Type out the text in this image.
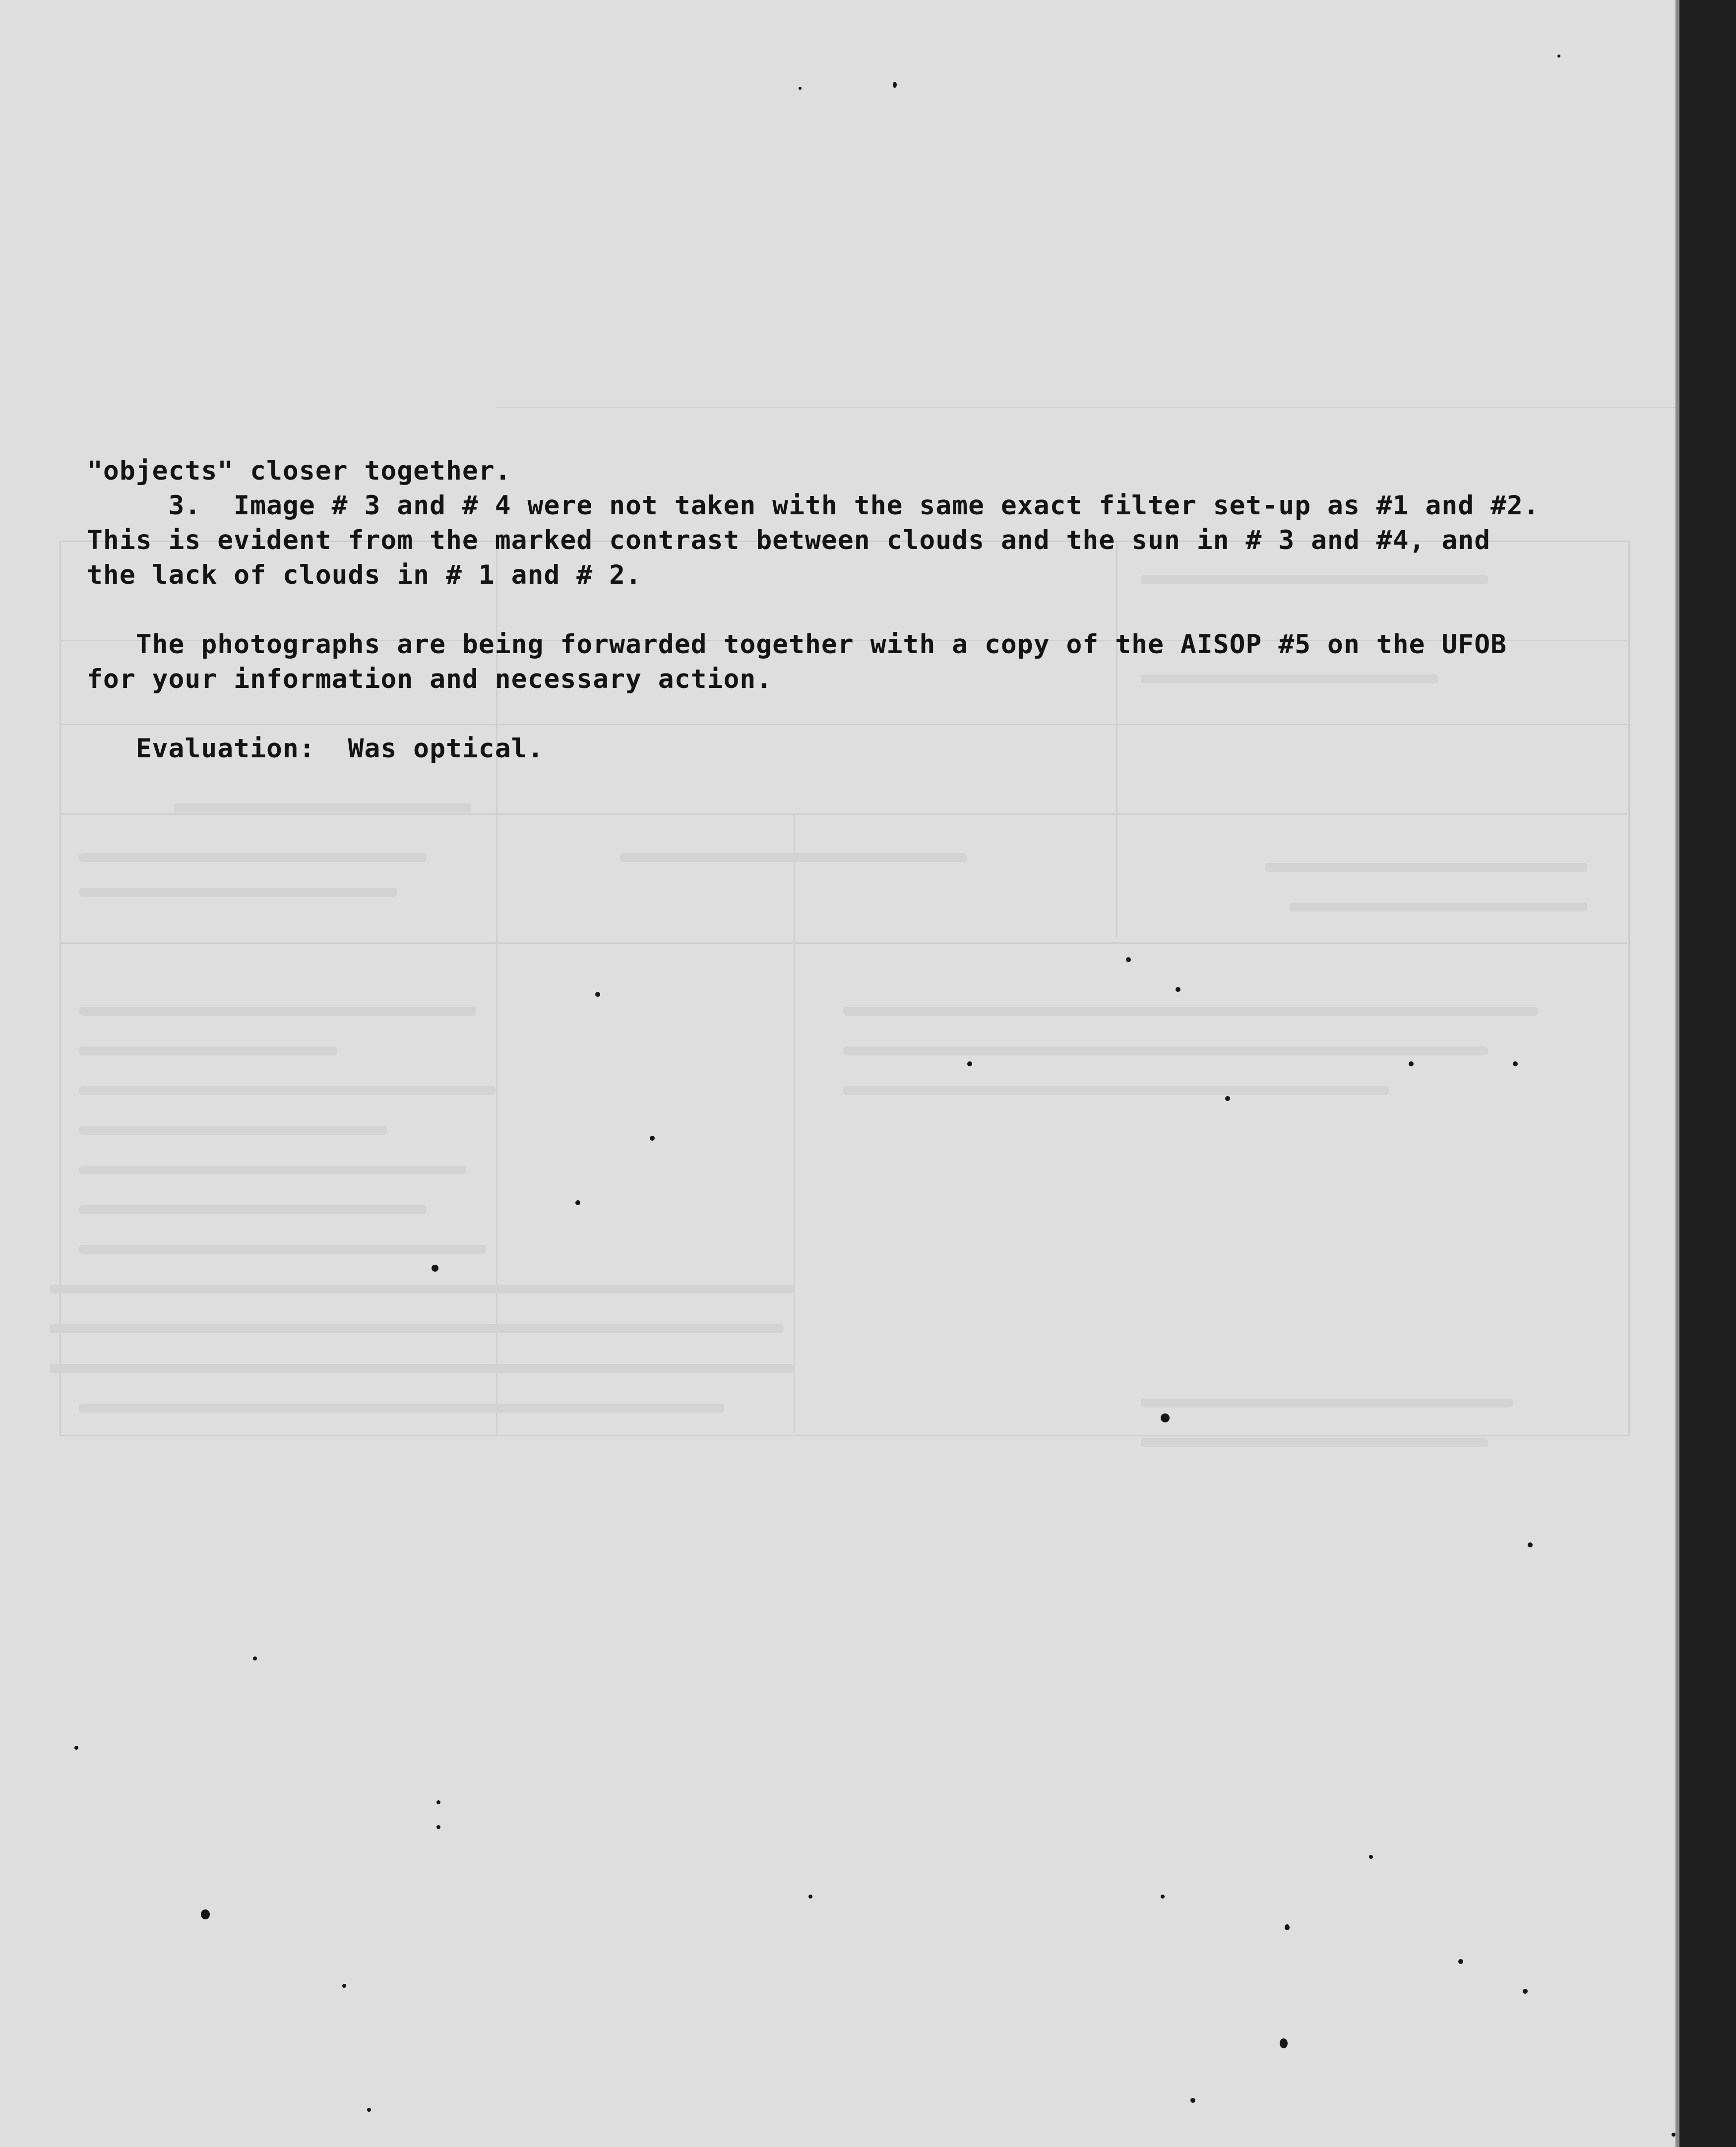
"objects" closer together.

3.  Image # 3 and # 4 were not taken with the same exact filter set-up as #1 and #2.

This is evident from the marked contrast between clouds and the sun in # 3 and #4, and

the lack of clouds in # 1 and # 2.

The photographs are being forwarded together with a copy of the AISOP #5 on the UFOB

for your information and necessary action.

Evaluation:  Was optical.
